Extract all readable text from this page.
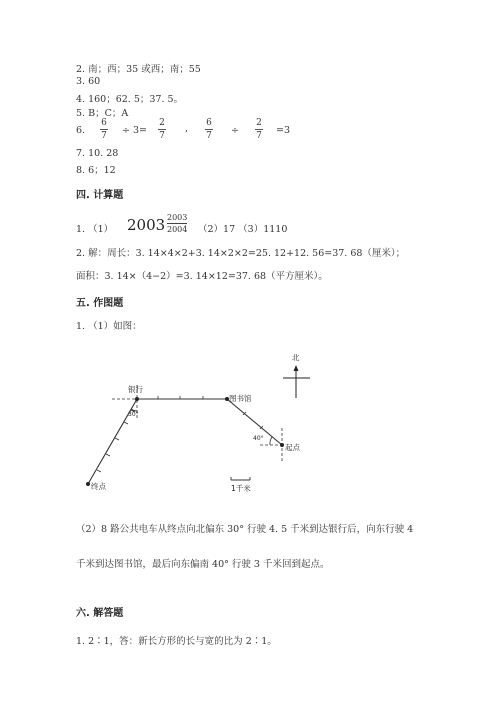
2. 南；西；35 或西；南；55
3. 60
4. 160；62. 5；37. 5。
5. B；C；A
6.
6
7 ÷ 3=
2
7
, 6
7 ÷
2
7 =3
7. 10. 28
8. 6；12
四. 计算题
1. （1） 2003 2003
2004 （2）17 （3）1110
2. 解：周长：3. 14×4×2+3. 14×2×2=25. 12+12. 56=37. 68（厘米）；
面积：3. 14×（4−2）=3. 14×12=37. 68（平方厘米）。
五. 作图题
1. （1）如图：
北
银行
图书馆
起点
终点
30°
40°
1千米
（2）8 路公共电车从终点向北偏东 30° 行驶 4. 5 千米到达银行后，向东行驶 4
千米到达图书馆，最后向东偏南 40° 行驶 3 千米回到起点。
六. 解答题
1. 2∶1，答：新长方形的长与宽的比为 2∶1。
